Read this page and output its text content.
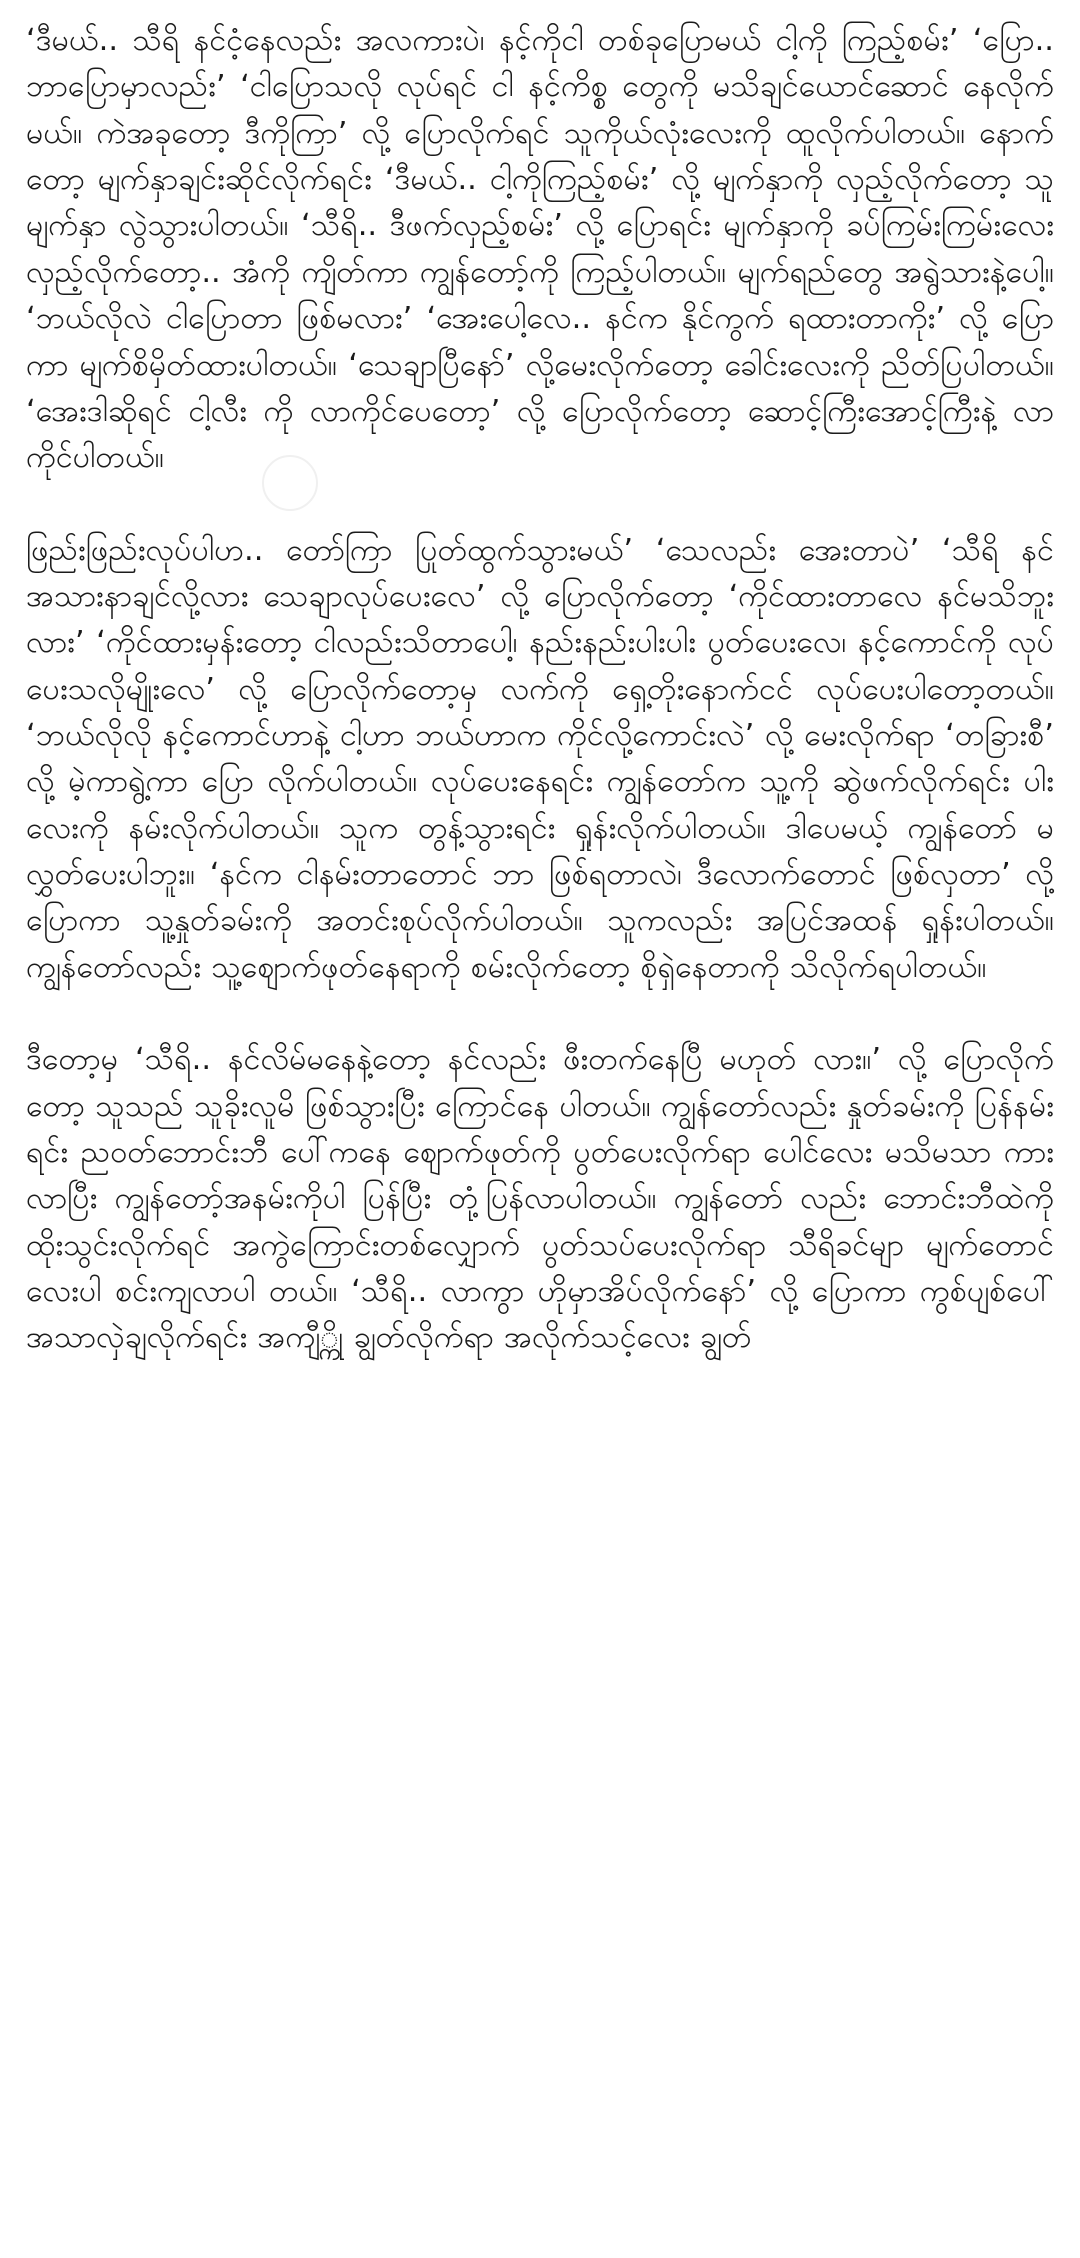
‘ဒီမယ်.. သီရိ နင်ငံ့နေလည်း အလကားပဲ၊ နင့်ကိုငါ တစ်ခုပြောမယ် ငါ့ကို ကြည့်စမ်း’ ‘ပြော.. ဘာပြောမှာလည်း’ ‘ငါပြောသလို လုပ်ရင် ငါ နင့်ကိစ္စ တွေကို မသိချင်ယောင်ဆောင် နေလိုက်မယ်။ ကဲအခုတော့ ဒီကိုကြာ’ လို့ ပြောလိုက်ရင် သူကိုယ်လုံးလေးကို ထူလိုက်ပါတယ်။ နောက်တော့ မျက်နှာချင်းဆိုင်လိုက်ရင်း ‘ဒီမယ်.. ငါ့ကိုကြည့်စမ်း’ လို့ မျက်နှာကို လှည့်လိုက်တော့ သူမျက်နှာ လွဲသွားပါတယ်။ ‘သီရိ.. ဒီဖက်လှည့်စမ်း’ လို့ ပြောရင်း မျက်နှာကို ခပ်ကြမ်းကြမ်းလေး လှည့်လိုက်တော့.. အံကို ကျိတ်ကာ ကျွန်တော့်ကို ကြည့်ပါတယ်။ မျက်ရည်တွေ အရွဲသားနဲ့ပေါ့။ ‘ဘယ်လိုလဲ ငါပြောတာ ဖြစ်မလား’ ‘အေးပေါ့လေ.. နင်က နိုင်ကွက် ရထားတာကိုး’ လို့ ပြောကာ မျက်စိမှိတ်ထားပါတယ်။ ‘သေချာပြီနော်’ လို့မေးလိုက်တော့ ခေါင်းလေးကို ညိတ်ပြပါတယ်။ ‘အေးဒါဆိုရင် ငါ့လီး ကို လာကိုင်ပေတော့’ လို့ ပြောလိုက်တော့ ဆောင့်ကြီးအောင့်ကြီးနဲ့ လာ ကိုင်ပါတယ်။

ဖြည်းဖြည်းလုပ်ပါဟ.. တော်ကြာ ပြုတ်ထွက်သွားမယ်’ ‘သေလည်း အေးတာပဲ’ ‘သီရိ နင်အသားနာချင်လို့လား သေချာလုပ်ပေးလေ’ လို့ ပြောလိုက်တော့ ‘ကိုင်ထားတာလေ နင်မသိဘူးလား’ ‘ကိုင်ထားမှန်းတော့ ငါလည်းသိတာပေါ့၊ နည်းနည်းပါးပါး ပွတ်ပေးလေ၊ နင့်ကောင်ကို လုပ် ပေးသလိုမျိုးလေ’ လို့ ပြောလိုက်တော့မှ လက်ကို ရှေ့တိုးနောက်ငင် လုပ်ပေးပါတော့တယ်။ ‘ဘယ်လိုလို နင့်ကောင်ဟာနဲ့ ငါ့ဟာ ဘယ်ဟာက ကိုင်လို့ကောင်းလဲ’ လို့ မေးလိုက်ရာ ‘တခြားစီ’ လို့ မဲ့ကာရွဲ့ကာ ပြော လိုက်ပါတယ်။ လုပ်ပေးနေရင်း ကျွန်တော်က သူ့ကို ဆွဲဖက်လိုက်ရင်း ပါးလေးကို နမ်းလိုက်ပါတယ်။ သူက တွန့်သွားရင်း ရှုန်းလိုက်ပါတယ်။ ဒါပေမယ့် ကျွန်တော် မလွှတ်ပေးပါဘူး။ ‘နင်က ငါနမ်းတာတောင် ဘာ ဖြစ်ရတာလဲ၊ ဒီလောက်တောင် ဖြစ်လှတာ’ လို့ ပြောကာ သူ့နှုတ်ခမ်းကို အတင်းစုပ်လိုက်ပါတယ်။ သူကလည်း အပြင်အထန် ရှုန်းပါတယ်။ ကျွန်တော်လည်း သူ့ဈောက်ဖုတ်နေရာကို စမ်းလိုက်တော့ စိုရှဲနေတာကို သိလိုက်ရပါတယ်။

ဒီတော့မှ ‘သီရိ.. နင်လိမ်မနေနဲ့တော့ နင်လည်း ဖီးတက်နေပြီ မဟုတ် လား။’ လို့ ပြောလိုက်တော့ သူသည် သူခိုးလူမိ ဖြစ်သွားပြီး ကြောင်နေ ပါတယ်။ ကျွန်တော်လည်း နှုတ်ခမ်းကို ပြန်နမ်းရင်း ညဝတ်ဘောင်းဘီ ပေါ်ကနေ ဈောက်ဖုတ်ကို ပွတ်ပေးလိုက်ရာ ပေါင်လေး မသိမသာ ကား လာပြီး ကျွန်တော့်အနမ်းကိုပါ ပြန်ပြီး တုံ့ပြန်လာပါတယ်။ ကျွန်တော် လည်း ဘောင်းဘီထဲကို ထိုးသွင်းလိုက်ရင် အကွဲကြောင်းတစ်လျှောက် ပွတ်သပ်ပေးလိုက်ရာ သီရိခင်မျာ မျက်တောင်လေးပါ စင်းကျလာပါ တယ်။ ‘သီရိ.. လာကွာ ဟိုမှာအိပ်လိုက်နော်’ လို့ ပြောကာ ကွစ်ပျစ်ပေါ် အသာလှဲချလိုက်ရင်း အကျီ္ကို ချွတ်လိုက်ရာ အလိုက်သင့်လေး ချွတ်
